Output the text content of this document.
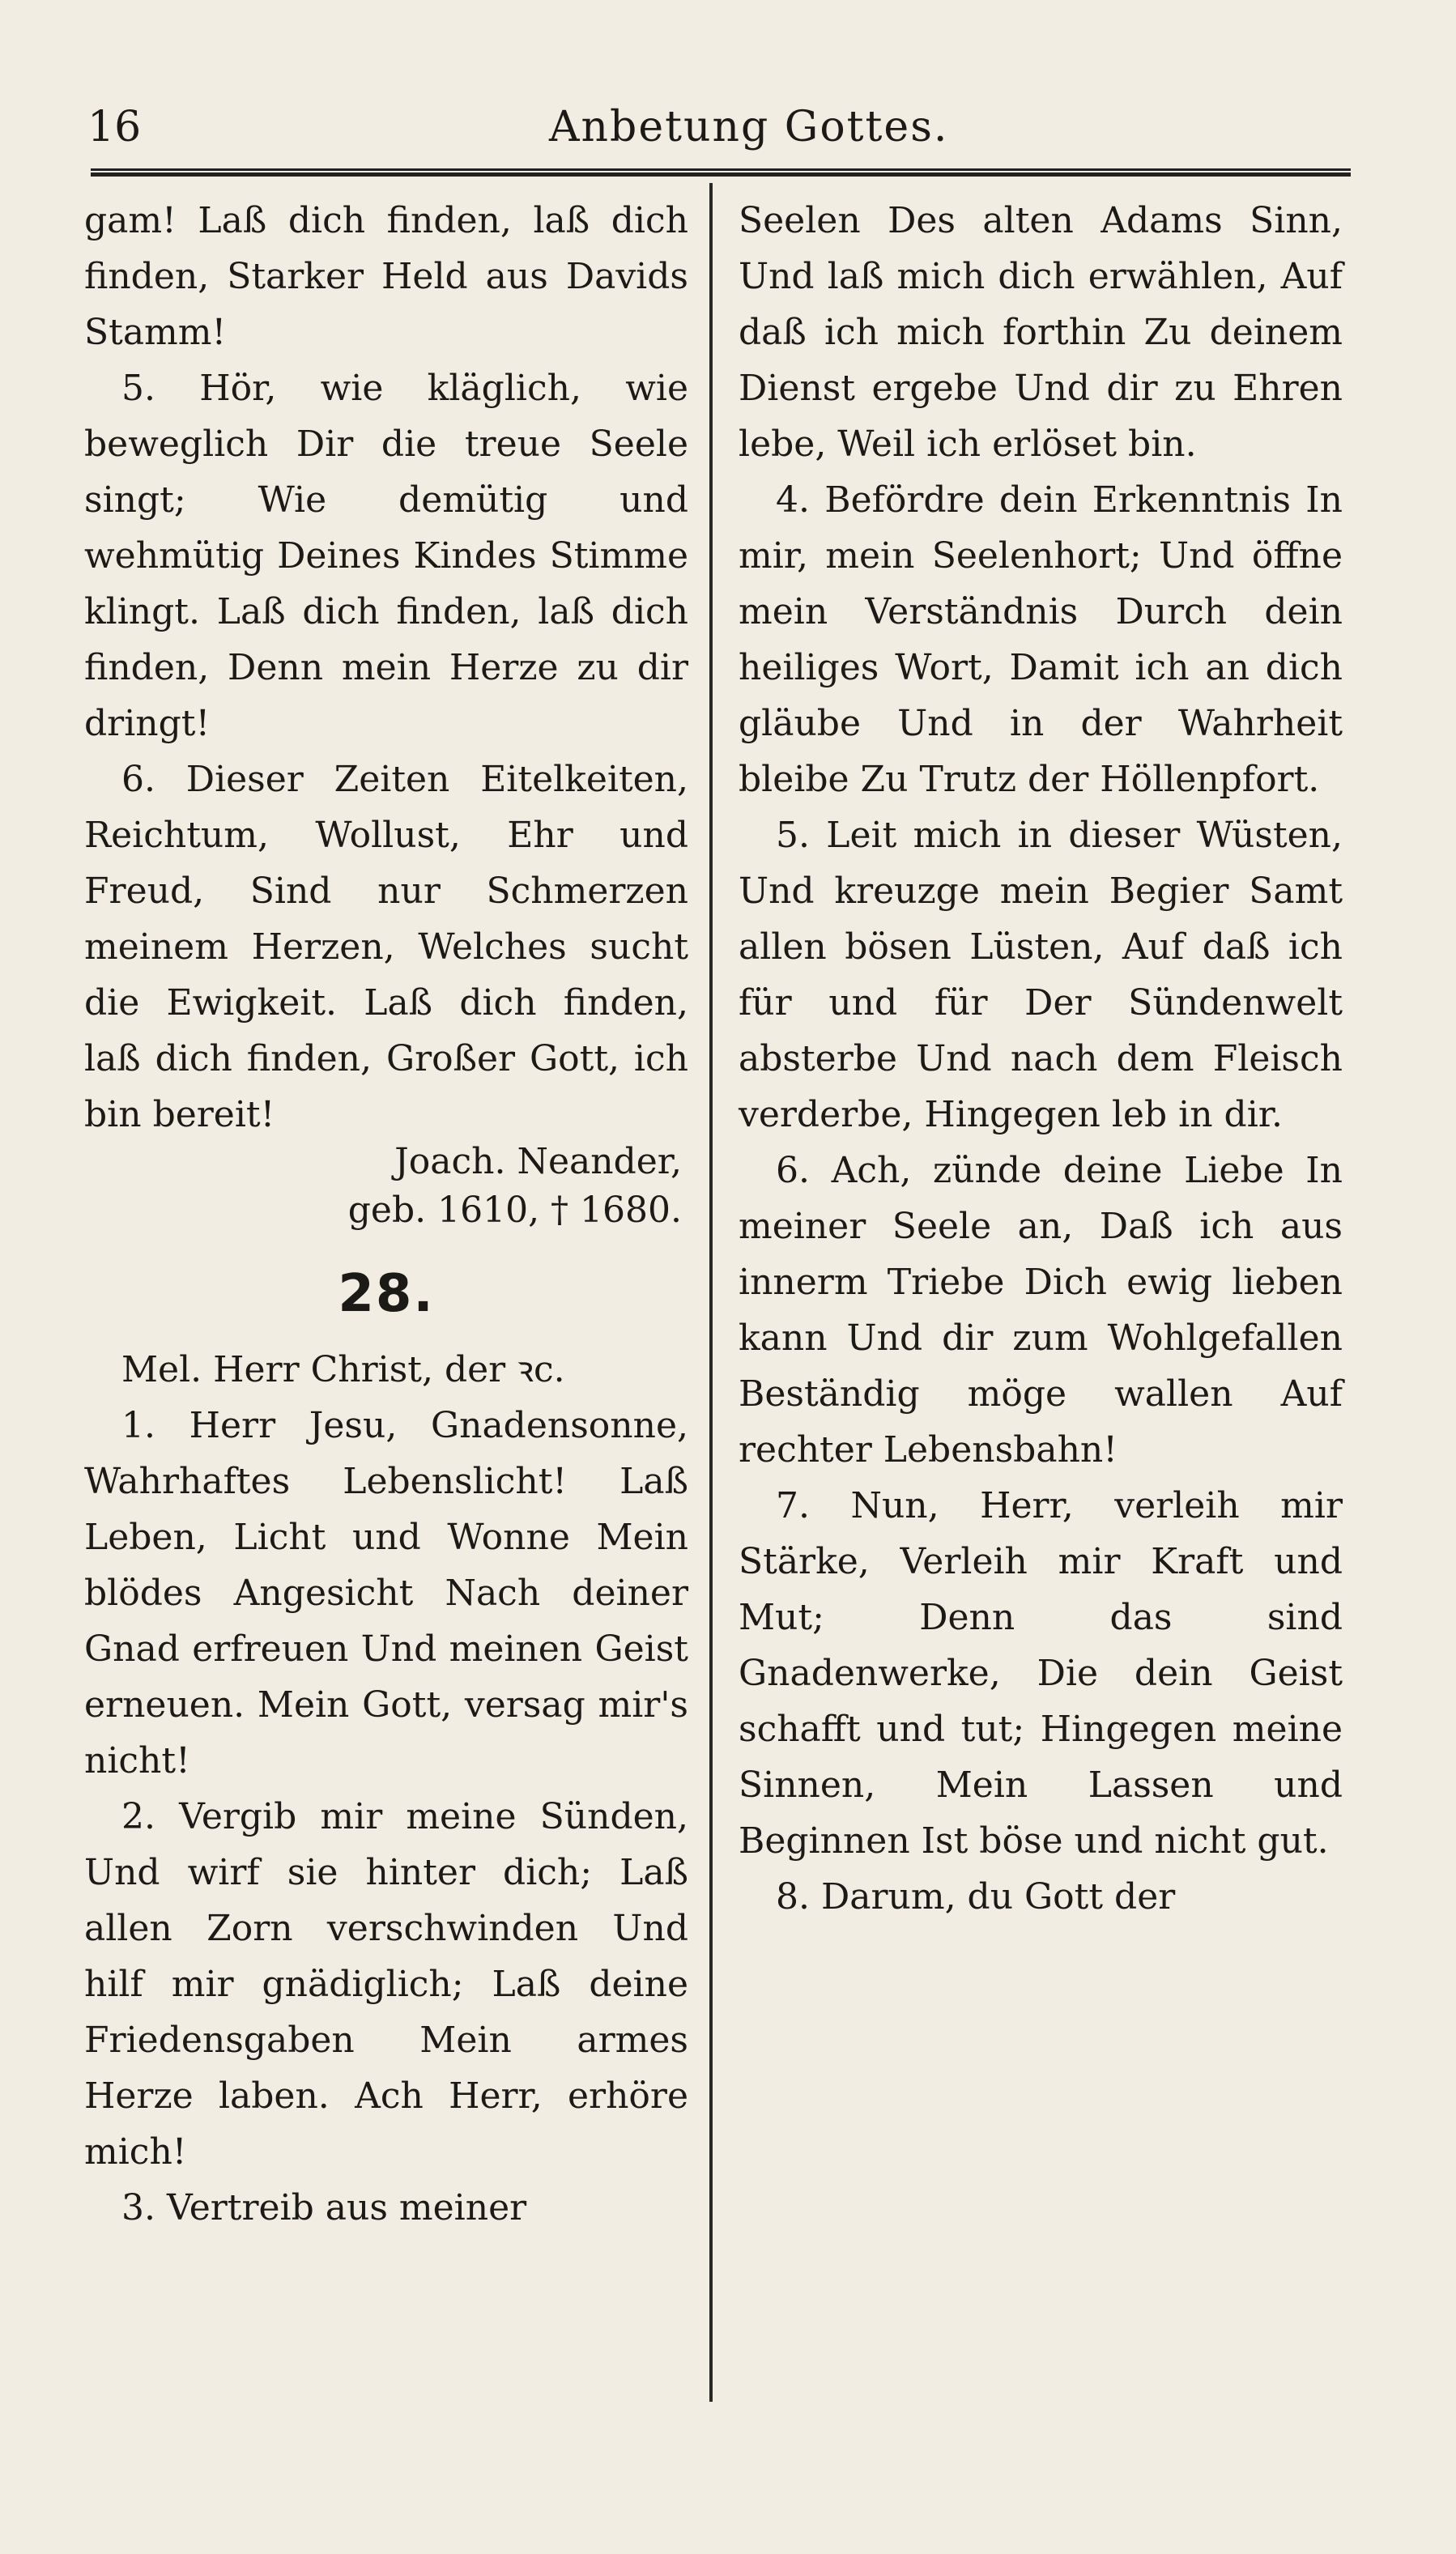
16	Anbetung Gottes.

gam! Laß dich finden, laß dich finden, Starker Held aus Davids Stamm!

5. Hör, wie kläglich, wie beweglich Dir die treue Seele singt; Wie demütig und wehmütig Deines Kindes Stimme klingt. Laß dich finden, laß dich finden, Denn mein Herze zu dir dringt!

6. Dieser Zeiten Eitelkeiten, Reichtum, Wollust, Ehr und Freud, Sind nur Schmerzen meinem Herzen, Welches sucht die Ewigkeit. Laß dich finden, laß dich finden, Großer Gott, ich bin bereit!

Joach. Neander,
geb. 1610, † 1680.
28.

Mel. Herr Christ, der ꝛc.

1. Herr Jesu, Gnadensonne, Wahrhaftes Lebenslicht! Laß Leben, Licht und Wonne Mein blödes Angesicht Nach deiner Gnad erfreuen Und meinen Geist erneuen. Mein Gott, versag mir's nicht!

2. Vergib mir meine Sünden, Und wirf sie hinter dich; Laß allen Zorn verschwinden Und hilf mir gnädiglich; Laß deine Friedensgaben Mein armes Herze laben. Ach Herr, erhöre mich!

3. Vertreib aus meiner

Seelen Des alten Adams Sinn, Und laß mich dich erwählen, Auf daß ich mich forthin Zu deinem Dienst ergebe Und dir zu Ehren lebe, Weil ich erlöset bin.

4. Befördre dein Erkenntnis In mir, mein Seelenhort; Und öffne mein Verständnis Durch dein heiliges Wort, Damit ich an dich gläube Und in der Wahrheit bleibe Zu Trutz der Höllenpfort.

5. Leit mich in dieser Wüsten, Und kreuzge mein Begier Samt allen bösen Lüsten, Auf daß ich für und für Der Sündenwelt absterbe Und nach dem Fleisch verderbe, Hingegen leb in dir.

6. Ach, zünde deine Liebe In meiner Seele an, Daß ich aus innerm Triebe Dich ewig lieben kann Und dir zum Wohlgefallen Beständig möge wallen Auf rechter Lebensbahn!

7. Nun, Herr, verleih mir Stärke, Verleih mir Kraft und Mut; Denn das sind Gnadenwerke, Die dein Geist schafft und tut; Hingegen meine Sinnen, Mein Lassen und Beginnen Ist böse und nicht gut.

8. Darum, du Gott der
